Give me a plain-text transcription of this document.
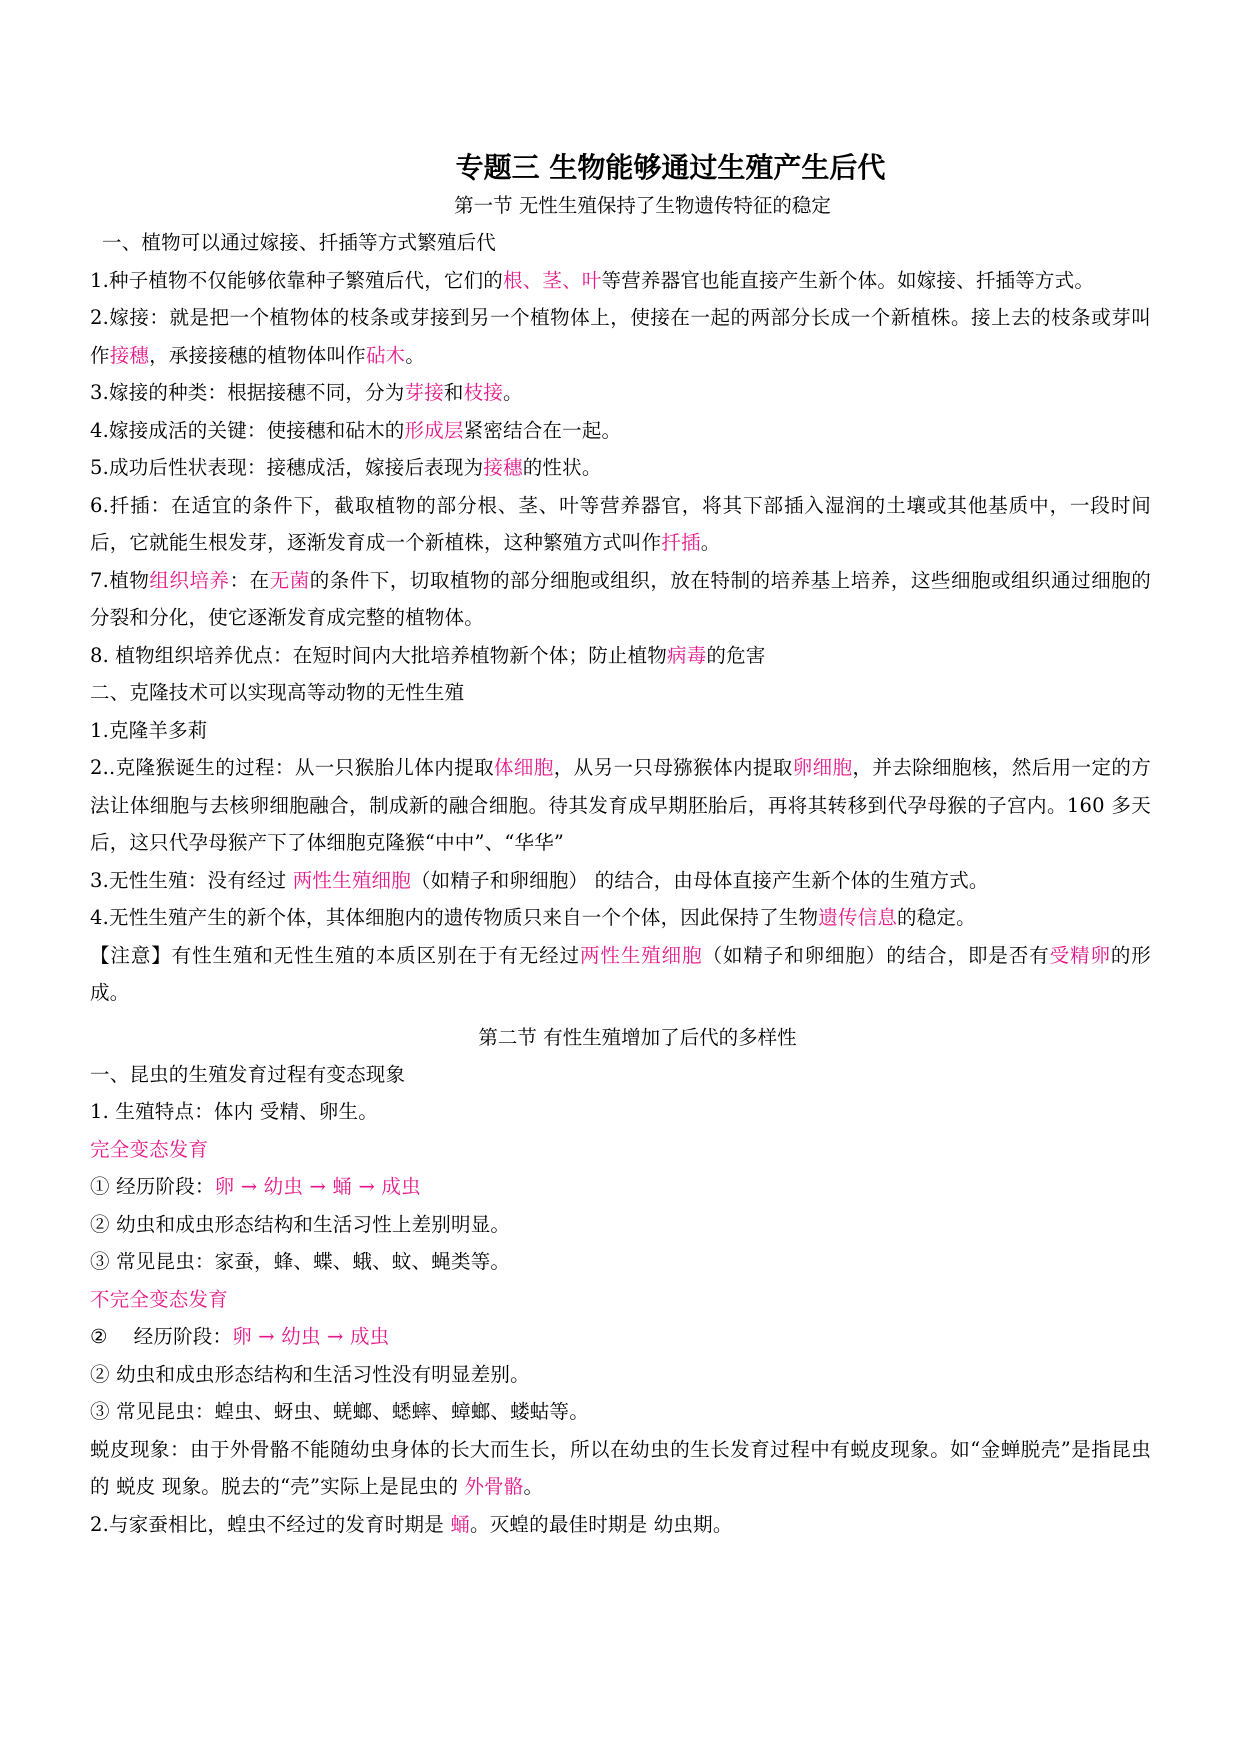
专题三 生物能够通过生殖产生后代

第一节 无性生殖保持了生物遗传特征的稳定

一、植物可以通过嫁接、扦插等方式繁殖后代

1.种子植物不仅能够依靠种子繁殖后代，它们的根、茎、叶等营养器官也能直接产生新个体。如嫁接、扦插等方式。

2.嫁接：就是把一个植物体的枝条或芽接到另一个植物体上，使接在一起的两部分长成一个新植株。接上去的枝条或芽叫作接穗，承接接穗的植物体叫作砧木。

3.嫁接的种类：根据接穗不同，分为芽接和枝接。

4.嫁接成活的关键：使接穗和砧木的形成层紧密结合在一起。

5.成功后性状表现：接穗成活，嫁接后表现为接穗的性状。

6.扦插：在适宜的条件下，截取植物的部分根、茎、叶等营养器官，将其下部插入湿润的土壤或其他基质中，一段时间后，它就能生根发芽，逐渐发育成一个新植株，这种繁殖方式叫作扦插。

7.植物组织培养：在无菌的条件下，切取植物的部分细胞或组织，放在特制的培养基上培养，这些细胞或组织通过细胞的分裂和分化，使它逐渐发育成完整的植物体。

8. 植物组织培养优点：在短时间内大批培养植物新个体；防止植物病毒的危害

二、克隆技术可以实现高等动物的无性生殖

1.克隆羊多莉

2..克隆猴诞生的过程：从一只猴胎儿体内提取体细胞，从另一只母猕猴体内提取卵细胞，并去除细胞核，然后用一定的方法让体细胞与去核卵细胞融合，制成新的融合细胞。待其发育成早期胚胎后，再将其转移到代孕母猴的子宫内。160 多天后，这只代孕母猴产下了体细胞克隆猴“中中”、“华华”

3.无性生殖：没有经过 两性生殖细胞（如精子和卵细胞） 的结合，由母体直接产生新个体的生殖方式。

4.无性生殖产生的新个体，其体细胞内的遗传物质只来自一个个体，因此保持了生物遗传信息的稳定。

【注意】有性生殖和无性生殖的本质区别在于有无经过两性生殖细胞（如精子和卵细胞）的结合，即是否有受精卵的形成。

第二节 有性生殖增加了后代的多样性

一、昆虫的生殖发育过程有变态现象

1. 生殖特点：体内 受精、卵生。

完全变态发育

① 经历阶段：卵 → 幼虫 → 蛹 → 成虫

② 幼虫和成虫形态结构和生活习性上差别明显。

③ 常见昆虫：家蚕，蜂、蝶、蛾、蚊、蝇类等。

不完全变态发育

② 经历阶段：卵 → 幼虫 → 成虫

② 幼虫和成虫形态结构和生活习性没有明显差别。

③ 常见昆虫：蝗虫、蚜虫、蜣螂、蟋蟀、蟑螂、蝼蛄等。

蜕皮现象：由于外骨骼不能随幼虫身体的长大而生长，所以在幼虫的生长发育过程中有蜕皮现象。如“金蝉脱壳”是指昆虫的 蜕皮 现象。脱去的“壳”实际上是昆虫的 外骨骼。

2.与家蚕相比，蝗虫不经过的发育时期是 蛹。灭蝗的最佳时期是 幼虫期。
